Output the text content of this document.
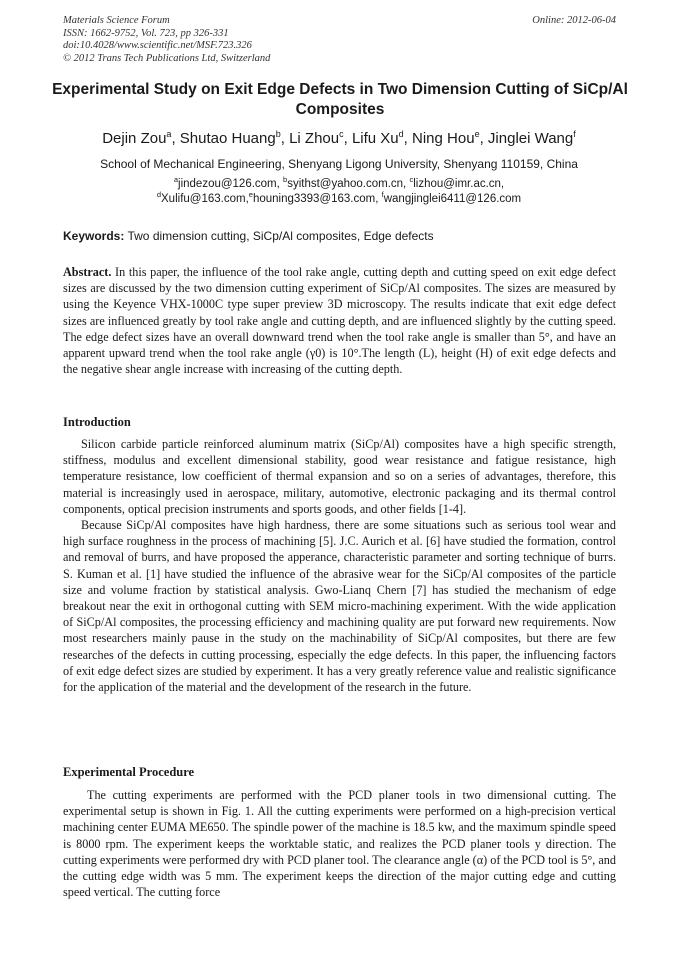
Materials Science Forum
ISSN: 1662-9752, Vol. 723, pp 326-331
doi:10.4028/www.scientific.net/MSF.723.326
© 2012 Trans Tech Publications Ltd, Switzerland
Online: 2012-06-04
Experimental Study on Exit Edge Defects in Two Dimension Cutting of SiCp/Al Composites
Dejin Zou$^a$, Shutao Huang$^b$, Li Zhou$^c$, Lifu Xu$^d$, Ning Hou$^e$, Jinglei Wang$^f$
School of Mechanical Engineering, Shenyang Ligong University, Shenyang 110159, China
$^a$jindezou@126.com, $^b$syithst@yahoo.com.cn, $^c$lizhou@imr.ac.cn,
$^d$Xulifu@163.com,$^e$houning3393@163.com, $^f$wangjinglei6411@126.com
Keywords: Two dimension cutting, SiCp/Al composites, Edge defects
Abstract. In this paper, the influence of the tool rake angle, cutting depth and cutting speed on exit edge defect sizes are discussed by the two dimension cutting experiment of SiCp/Al composites. The sizes are measured by using the Keyence VHX-1000C type super preview 3D microscopy. The results indicate that exit edge defect sizes are influenced greatly by tool rake angle and cutting depth, and are influenced slightly by the cutting speed. The edge defect sizes have an overall downward trend when the tool rake angle is smaller than 5°, and have an apparent upward trend when the tool rake angle (γ0) is 10°.The length (L), height (H) of exit edge defects and the negative shear angle increase with increasing of the cutting depth.
Introduction

Silicon carbide particle reinforced aluminum matrix (SiCp/Al) composites have a high specific strength, stiffness, modulus and excellent dimensional stability, good wear resistance and fatigue resistance, high temperature resistance, low coefficient of thermal expansion and so on a series of advantages, therefore, this material is increasingly used in aerospace, military, automotive, electronic packaging and its thermal control components, optical precision instruments and sports goods, and other fields [1-4].

Because SiCp/Al composites have high hardness, there are some situations such as serious tool wear and high surface roughness in the process of machining [5]. J.C. Aurich et al. [6] have studied the formation, control and removal of burrs, and have proposed the apperance, characteristic parameter and sorting technique of burrs. S. Kuman et al. [1] have studied the influence of the abrasive wear for the SiCp/Al composites of the particle size and volume fraction by statistical analysis. Gwo-Lianq Chern [7] has studied the mechanism of edge breakout near the exit in orthogonal cutting with SEM micro-machining experiment. With the wide application of SiCp/Al composites, the processing efficiency and machining quality are put forward new requirements. Now most researchers mainly pause in the study on the machinability of SiCp/Al composites, but there are few researches of the defects in cutting processing, especially the edge defects. In this paper, the influencing factors of exit edge defect sizes are studied by experiment. It has a very greatly reference value and realistic significance for the application of the material and the development of the research in the future.

Experimental Procedure

The cutting experiments are performed with the PCD planer tools in two dimensional cutting. The experimental setup is shown in Fig. 1. All the cutting experiments were performed on a high-precision vertical machining center EUMA ME650. The spindle power of the machine is 18.5 kw, and the maximum spindle speed is 8000 rpm. The experiment keeps the worktable static, and realizes the PCD planer tools y direction. The cutting experiments were performed dry with PCD planer tool. The clearance angle (α) of the PCD tool is 5°, and the cutting edge width was 5 mm. The experiment keeps the direction of the major cutting edge and cutting speed vertical. The cutting force
